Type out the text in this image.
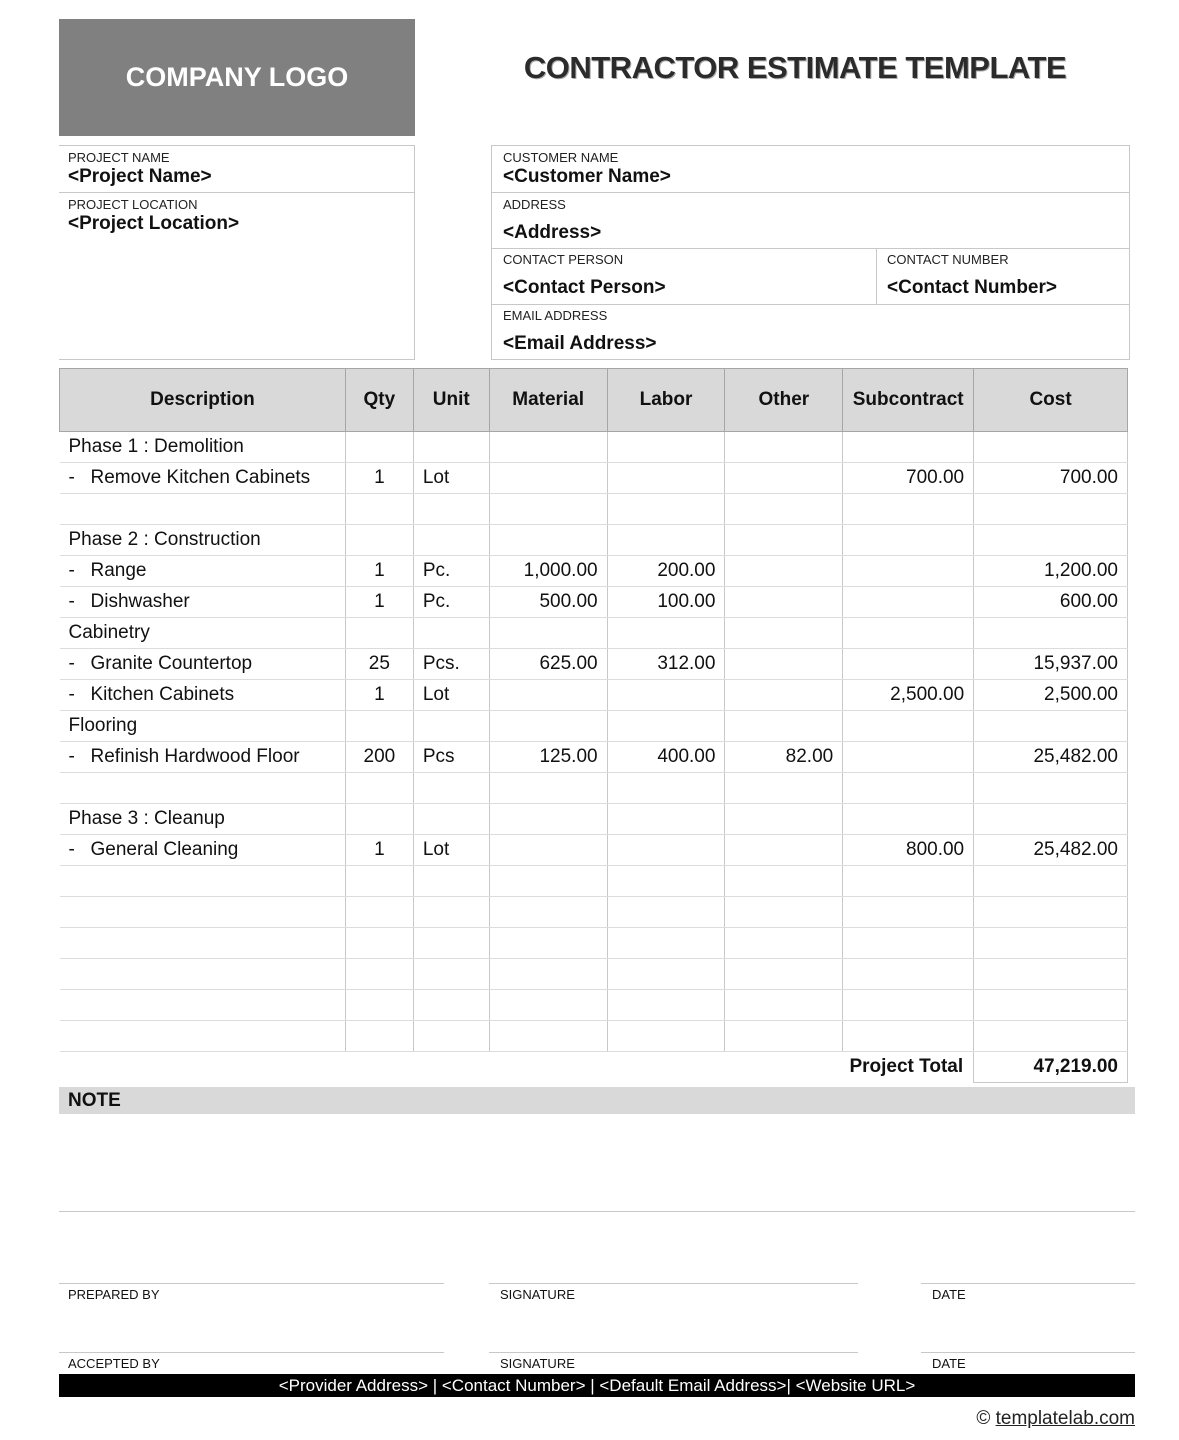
COMPANY LOGO	CONTRACTOR ESTIMATE TEMPLATE
PROJECT NAME
<Project Name>
PROJECT LOCATION
<Project Location>
CUSTOMER NAME
<Customer Name>
ADDRESS
<Address>
CONTACT PERSON
<Contact Person>
CONTACT NUMBER
<Contact Number>
EMAIL ADDRESS
<Email Address>
Description	Qty	Unit	Material	Labor	Other	Subcontract	Cost
Phase 1 : Demolition							
- Remove Kitchen Cabinets	1	Lot				700.00	700.00

Phase 2 : Construction							
- Range	1	Pc.	1,000.00	200.00			1,200.00
- Dishwasher	1	Pc.	500.00	100.00			600.00
Cabinetry							
- Granite Countertop	25	Pcs.	625.00	312.00			15,937.00
- Kitchen Cabinets	1	Lot				2,500.00	2,500.00
Flooring							
- Refinish Hardwood Floor	200	Pcs	125.00	400.00	82.00		25,482.00

Phase 3 : Cleanup							
- General Cleaning	1	Lot				800.00	25,482.00

Project Total							47,219.00
NOTE
PREPARED BY	SIGNATURE	DATE
ACCEPTED BY	SIGNATURE	DATE
<Provider Address> | <Contact Number> | <Default Email Address>| <Website URL>
© templatelab.com
